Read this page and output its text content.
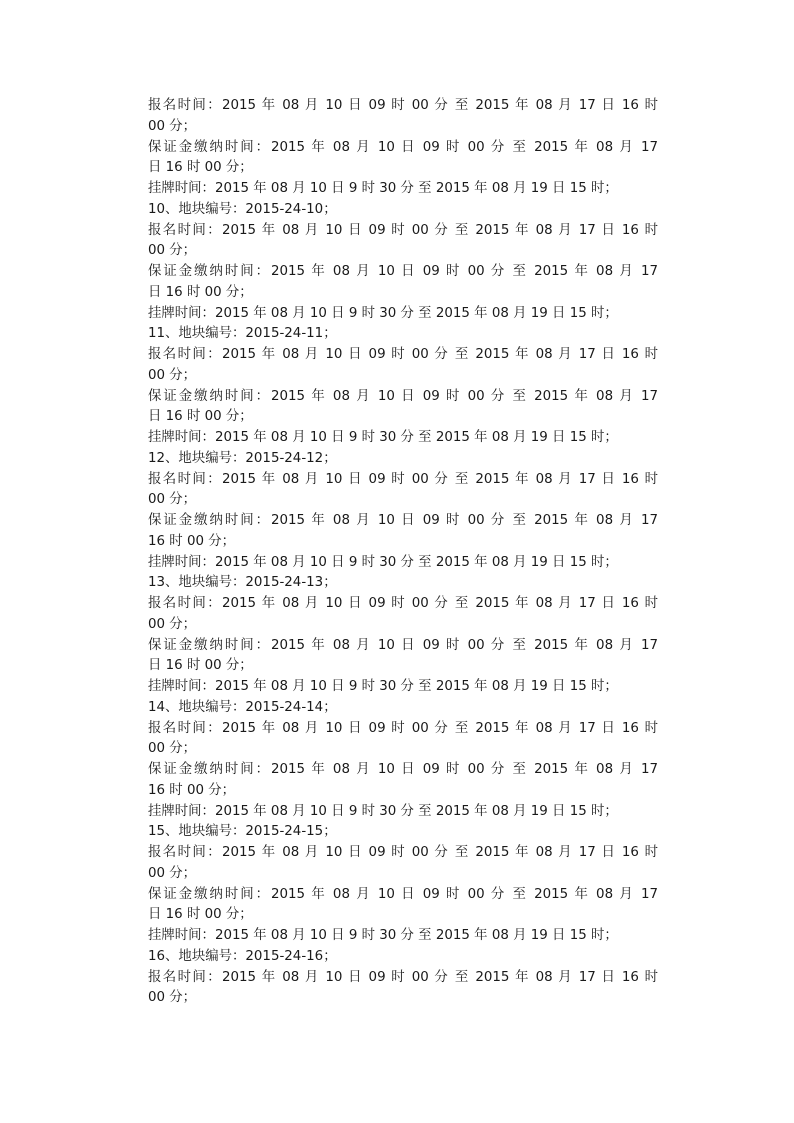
报名时间：2015 年 08 月 10 日 09 时 00 分 至 2015 年 08 月 17 日 16 时
00 分；
保证金缴纳时间：2015 年 08 月 10 日 09 时 00 分 至 2015 年 08 月 17
日 16 时 00 分；
挂牌时间：2015 年 08 月 10 日 9 时 30 分 至 2015 年 08 月 19 日 15 时；
10、地块编号：2015-24-10；
报名时间：2015 年 08 月 10 日 09 时 00 分 至 2015 年 08 月 17 日 16 时
00 分；
保证金缴纳时间：2015 年 08 月 10 日 09 时 00 分 至 2015 年 08 月 17
日 16 时 00 分；
挂牌时间：2015 年 08 月 10 日 9 时 30 分 至 2015 年 08 月 19 日 15 时；
11、地块编号：2015-24-11；
报名时间：2015 年 08 月 10 日 09 时 00 分 至 2015 年 08 月 17 日 16 时
00 分；
保证金缴纳时间：2015 年 08 月 10 日 09 时 00 分 至 2015 年 08 月 17
日 16 时 00 分；
挂牌时间：2015 年 08 月 10 日 9 时 30 分 至 2015 年 08 月 19 日 15 时；
12、地块编号：2015-24-12；
报名时间：2015 年 08 月 10 日 09 时 00 分 至 2015 年 08 月 17 日 16 时
00 分；
保证金缴纳时间：2015 年 08 月 10 日 09 时 00 分 至 2015 年 08 月 17
16 时 00 分；
挂牌时间：2015 年 08 月 10 日 9 时 30 分 至 2015 年 08 月 19 日 15 时；
13、地块编号：2015-24-13；
报名时间：2015 年 08 月 10 日 09 时 00 分 至 2015 年 08 月 17 日 16 时
00 分；
保证金缴纳时间：2015 年 08 月 10 日 09 时 00 分 至 2015 年 08 月 17
日 16 时 00 分；
挂牌时间：2015 年 08 月 10 日 9 时 30 分 至 2015 年 08 月 19 日 15 时；
14、地块编号：2015-24-14；
报名时间：2015 年 08 月 10 日 09 时 00 分 至 2015 年 08 月 17 日 16 时
00 分；
保证金缴纳时间：2015 年 08 月 10 日 09 时 00 分 至 2015 年 08 月 17
16 时 00 分；
挂牌时间：2015 年 08 月 10 日 9 时 30 分 至 2015 年 08 月 19 日 15 时；
15、地块编号：2015-24-15；
报名时间：2015 年 08 月 10 日 09 时 00 分 至 2015 年 08 月 17 日 16 时
00 分；
保证金缴纳时间：2015 年 08 月 10 日 09 时 00 分 至 2015 年 08 月 17
日 16 时 00 分；
挂牌时间：2015 年 08 月 10 日 9 时 30 分 至 2015 年 08 月 19 日 15 时；
16、地块编号：2015-24-16；
报名时间：2015 年 08 月 10 日 09 时 00 分 至 2015 年 08 月 17 日 16 时
00 分；
